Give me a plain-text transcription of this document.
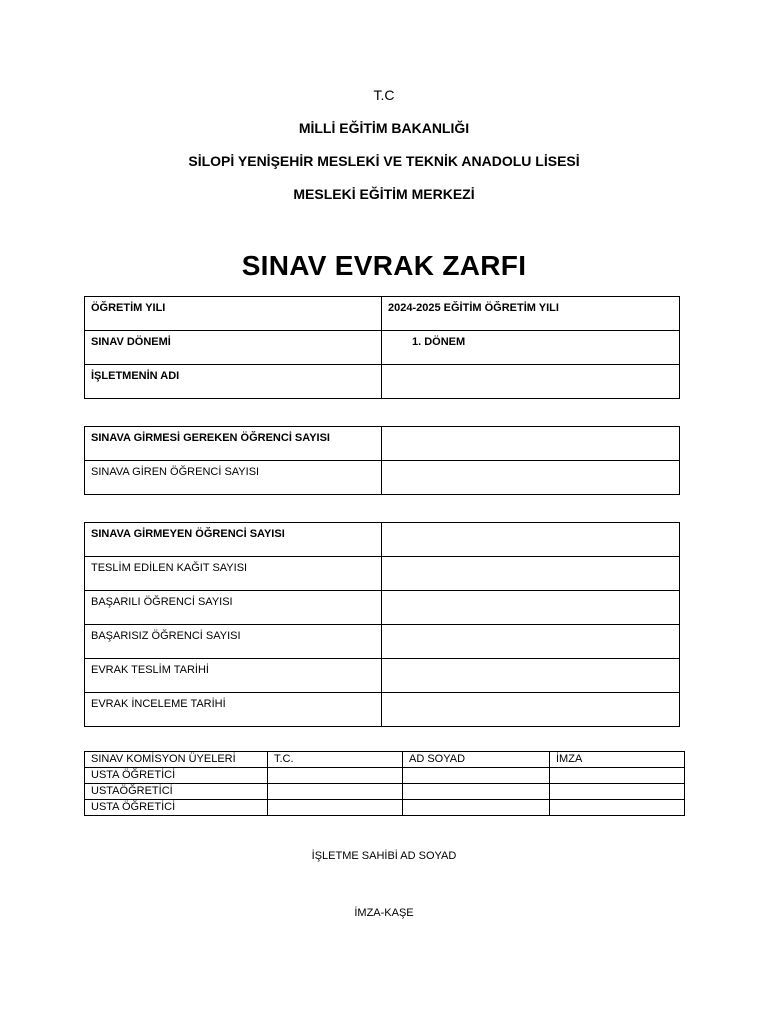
T.C
MİLLİ EĞİTİM BAKANLIĞI
SİLOPİ YENİŞEHİR MESLEKİ VE TEKNİK ANADOLU LİSESİ
MESLEKİ EĞİTİM MERKEZİ
SINAV EVRAK ZARFI
ÖĞRETİM YILI	2024-2025 EĞİTİM ÖĞRETİM YILI
SINAV DÖNEMİ	1. DÖNEM
İŞLETMENİN ADI	
SINAVA GİRMESİ GEREKEN ÖĞRENCİ SAYISI	
SINAVA GİREN ÖĞRENCİ SAYISI	
SINAVA GİRMEYEN ÖĞRENCİ SAYISI	
TESLİM EDİLEN KAĞIT SAYISI	
BAŞARILI ÖĞRENCİ SAYISI	
BAŞARISIZ ÖĞRENCİ SAYISI	
EVRAK TESLİM TARİHİ	
EVRAK İNCELEME TARİHİ	
SINAV KOMİSYON ÜYELERİ	T.C.	AD SOYAD	İMZA
USTA ÖĞRETİCİ			
USTAÖĞRETİCİ			
USTA ÖĞRETİCİ			
İŞLETME SAHİBİ AD SOYAD
İMZA-KAŞE
